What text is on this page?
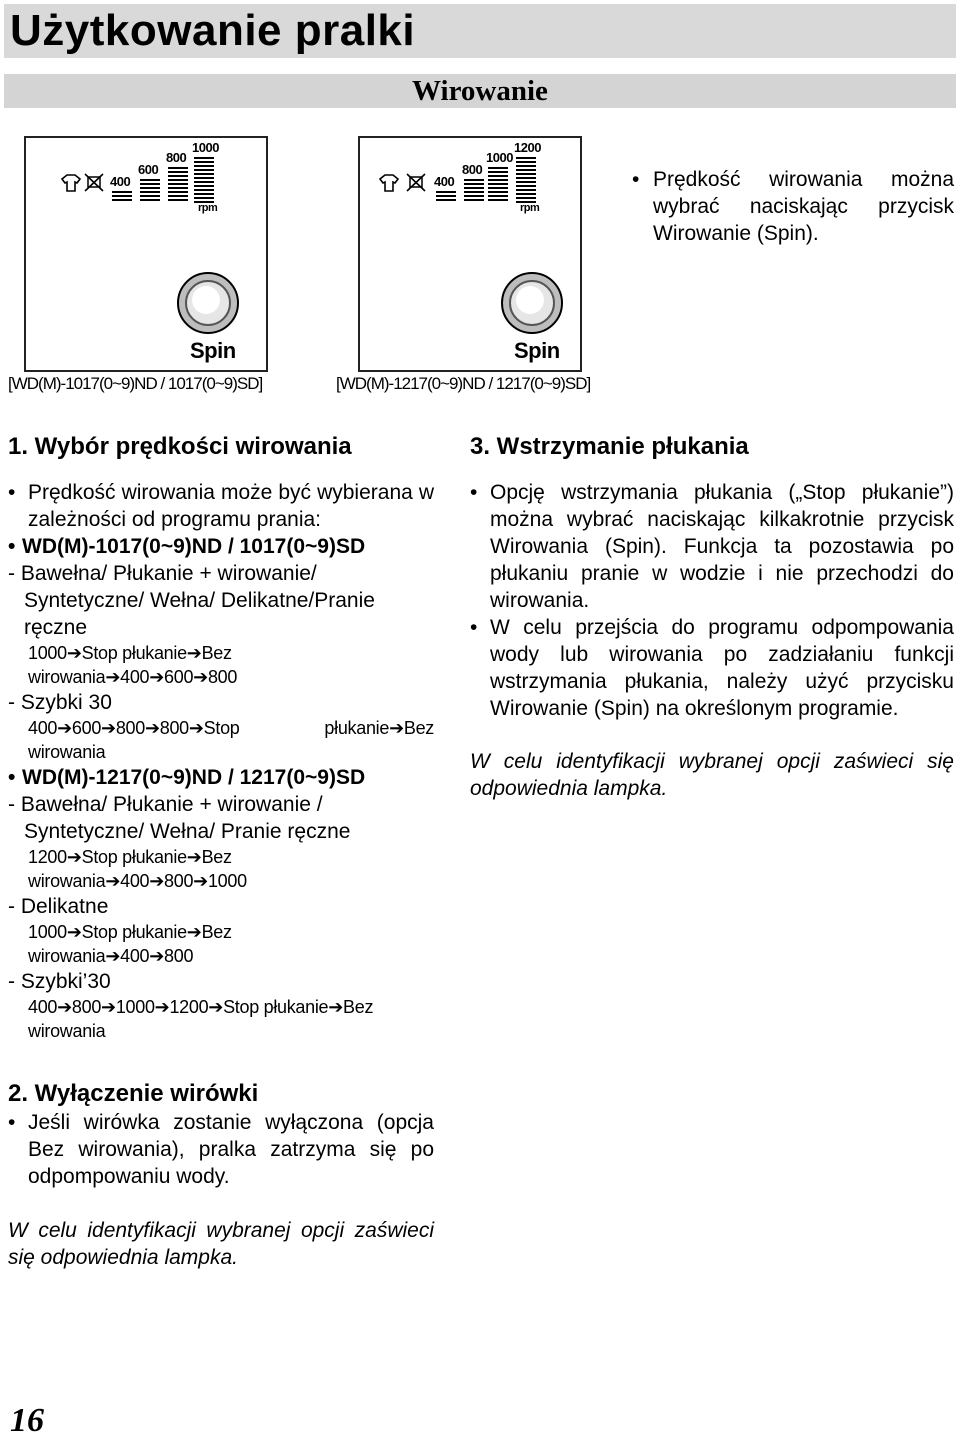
Użytkowanie pralki
Wirowanie
400
600
800
1000
rpm
Spin
[WD(M)-1017(0~9)ND / 1017(0~9)SD]
400
800
1000
1200
rpm
Spin
[WD(M)-1217(0~9)ND / 1217(0~9)SD]
• Prędkość wirowania można wybrać naciskając przycisk Wirowanie (Spin).
1. Wybór prędkości wirowania
• Prędkość wirowania może być wybierana w zależności od programu prania:
• WD(M)-1017(0~9)ND / 1017(0~9)SD
- Bawełna/ Płukanie + wirowanie/ Syntetyczne/ Wełna/ Delikatne/Pranie ręczne
1000➔Stop płukanie➔Bez wirowania➔400➔600➔800
- Szybki 30
400➔600➔800➔800➔Stop płukanie➔Bez wirowania
• WD(M)-1217(0~9)ND / 1217(0~9)SD
- Bawełna/ Płukanie + wirowanie / Syntetyczne/ Wełna/ Pranie ręczne
1200➔Stop płukanie➔Bez wirowania➔400➔800➔1000
- Delikatne
1000➔Stop płukanie➔Bez wirowania➔400➔800
- Szybki’30
400➔800➔1000➔1200➔Stop płukanie➔Bez wirowania
2. Wyłączenie wirówki
• Jeśli wirówka zostanie wyłączona (opcja Bez wirowania), pralka zatrzyma się po odpompowaniu wody.
W celu identyfikacji wybranej opcji zaświeci się odpowiednia lampka.
3. Wstrzymanie płukania
• Opcję wstrzymania płukania („Stop płukanie”) można wybrać naciskając kilkakrotnie przycisk Wirowania (Spin). Funkcja ta pozostawia po płukaniu pranie w wodzie i nie przechodzi do wirowania.
• W celu przejścia do programu odpompowania wody lub wirowania po zadziałaniu funkcji wstrzymania płukania, należy użyć przycisku Wirowanie (Spin) na określonym programie.
W celu identyfikacji wybranej opcji zaświeci się odpowiednia lampka.
16
